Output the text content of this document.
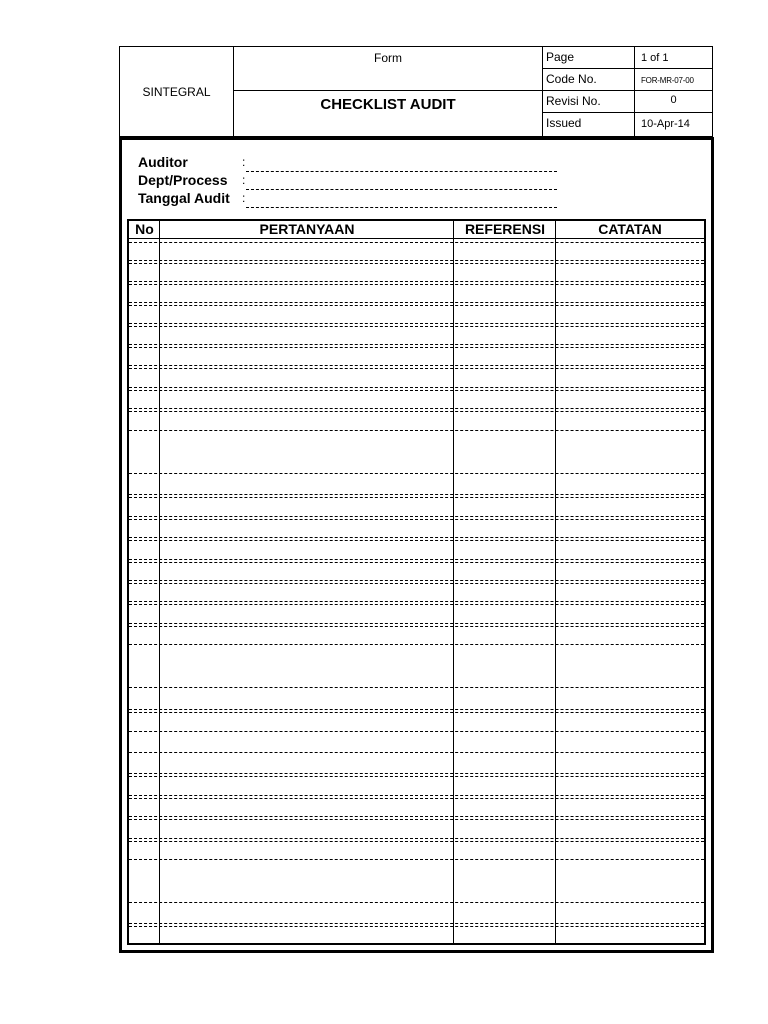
SINTEGRAL
Form
CHECKLIST AUDIT
Page	1 of 1
Code No.	FOR-MR-07-00
Revisi No.	0
Issued	10-Apr-14
Auditor	:
Dept/Process :
Tanggal Audit :
No	PERTANYAAN	REFERENSI	CATATAN
